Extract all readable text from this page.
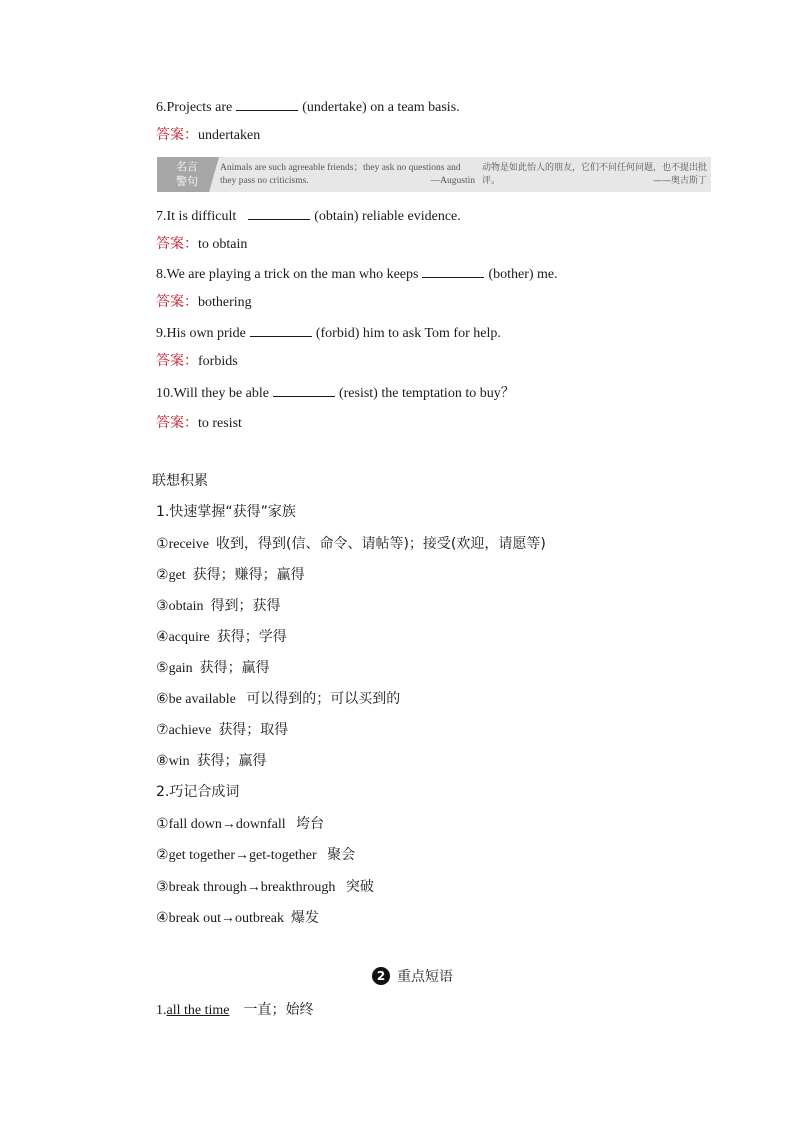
6.Projects are	(undertake) on a team basis.
答案：undertaken
名言
警句
Animals are such agreeable friends；they ask no questions and they pass no criticisms.	—Augustin
动物是如此怡人的朋友，它们不问任何问题，也不提出批评。	——奥古斯丁
7.It is difficult	(obtain) reliable evidence.
答案：to obtain
8.We are playing a trick on the man who keeps	(bother) me.
答案：bothering
9.His own pride	(forbid) him to ask Tom for help.
答案：forbids
10.Will they be able	(resist) the temptation to buy？
答案：to resist
联想积累
1.快速掌握“获得”家族
①receive 收到，得到(信、命令、请帖等)；接受(欢迎，请愿等)
②get 获得；赚得；赢得
③obtain 得到；获得
④acquire 获得；学得
⑤gain 获得；赢得
⑥be available 可以得到的；可以买到的
⑦achieve 获得；取得
⑧win 获得；赢得
2.巧记合成词
①fall down→downfall 垮台
②get together→get-together 聚会
③break through→breakthrough 突破
④break out→outbreak 爆发
2 重点短语
1.all the time 一直；始终
